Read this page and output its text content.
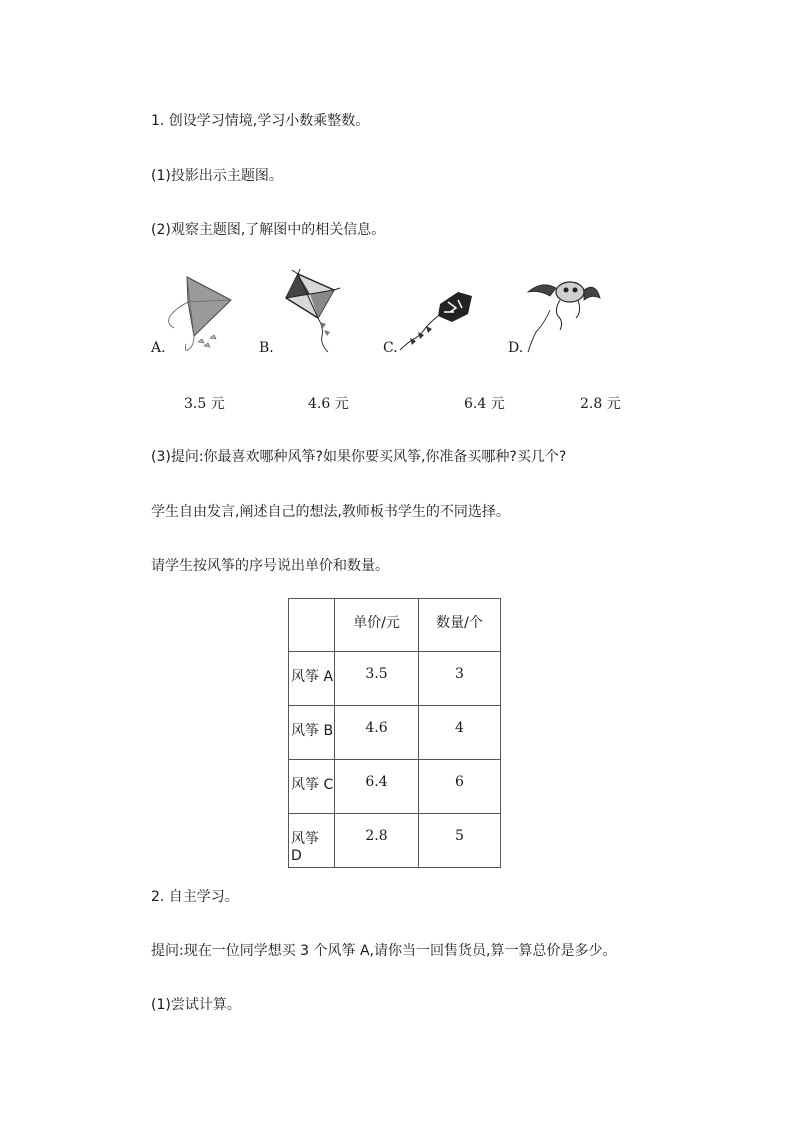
1. 创设学习情境,学习小数乘整数。
(1)投影出示主题图。
(2)观察主题图,了解图中的相关信息。
A.	B.	C.	D.
3.5 元	4.6 元	6.4 元	2.8 元
(3)提问:你最喜欢哪种风筝?如果你要买风筝,你准备买哪种?买几个?
学生自由发言,阐述自己的想法,教师板书学生的不同选择。
请学生按风筝的序号说出单价和数量。
	单价/元	数量/个
风筝 A	3.5	3
风筝 B	4.6	4
风筝 C	6.4	6
风筝 D	2.8	5
2. 自主学习。
提问:现在一位同学想买 3 个风筝 A,请你当一回售货员,算一算总价是多少。
(1)尝试计算。
